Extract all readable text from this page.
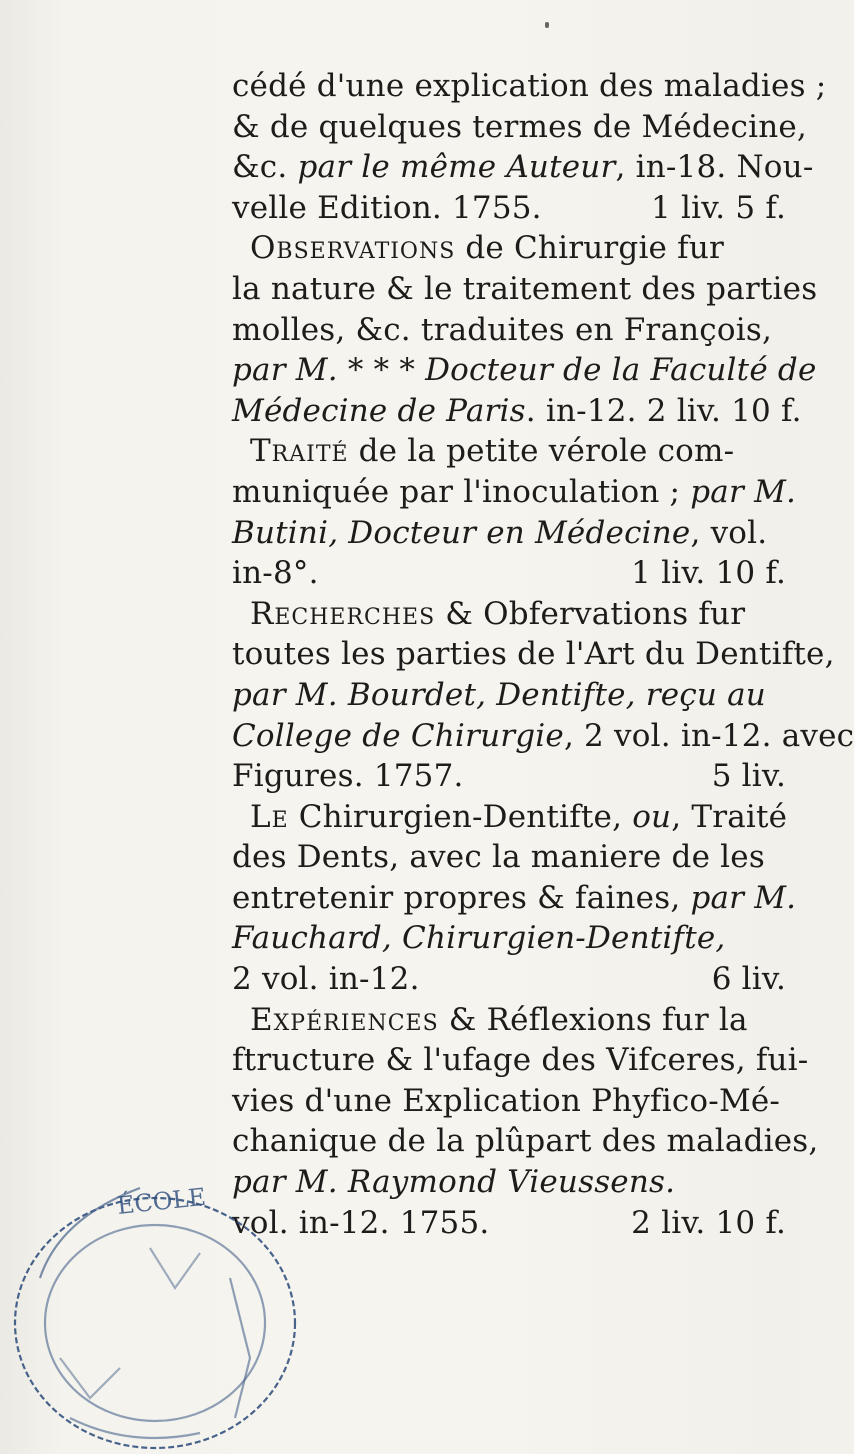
cédé d'une explication des maladies ;
& de quelques termes de Médecine,
&c. par le même Auteur, in-18. Nou-
velle Edition. 1755.	1 liv. 5 f.
Observations de Chirurgie fur
la nature & le traitement des parties
molles, &c. traduites en François,
par M. * * * Docteur de la Faculté de
Médecine de Paris. in-12. 2 liv. 10 f.
Traité de la petite vérole com-
muniquée par l'inoculation ; par M.
Butini, Docteur en Médecine, vol.
in-8°.	1 liv. 10 f.
Recherches & Obfervations fur
toutes les parties de l'Art du Dentifte,
par M. Bourdet, Dentifte, reçu au
College de Chirurgie, 2 vol. in-12. avec
Figures. 1757.	5 liv.
Le Chirurgien-Dentifte, ou, Traité
des Dents, avec la maniere de les
entretenir propres & faines, par M.
Fauchard, Chirurgien-Dentifte,
2 vol. in-12.	6 liv.
Expériences & Réflexions fur la
ftructure & l'ufage des Vifceres, fui-
vies d'une Explication Phyfico-Mé-
chanique de la plûpart des maladies,
par M. Raymond Vieussens.
vol. in-12. 1755.	2 liv. 10 f.
ÉCOLE
